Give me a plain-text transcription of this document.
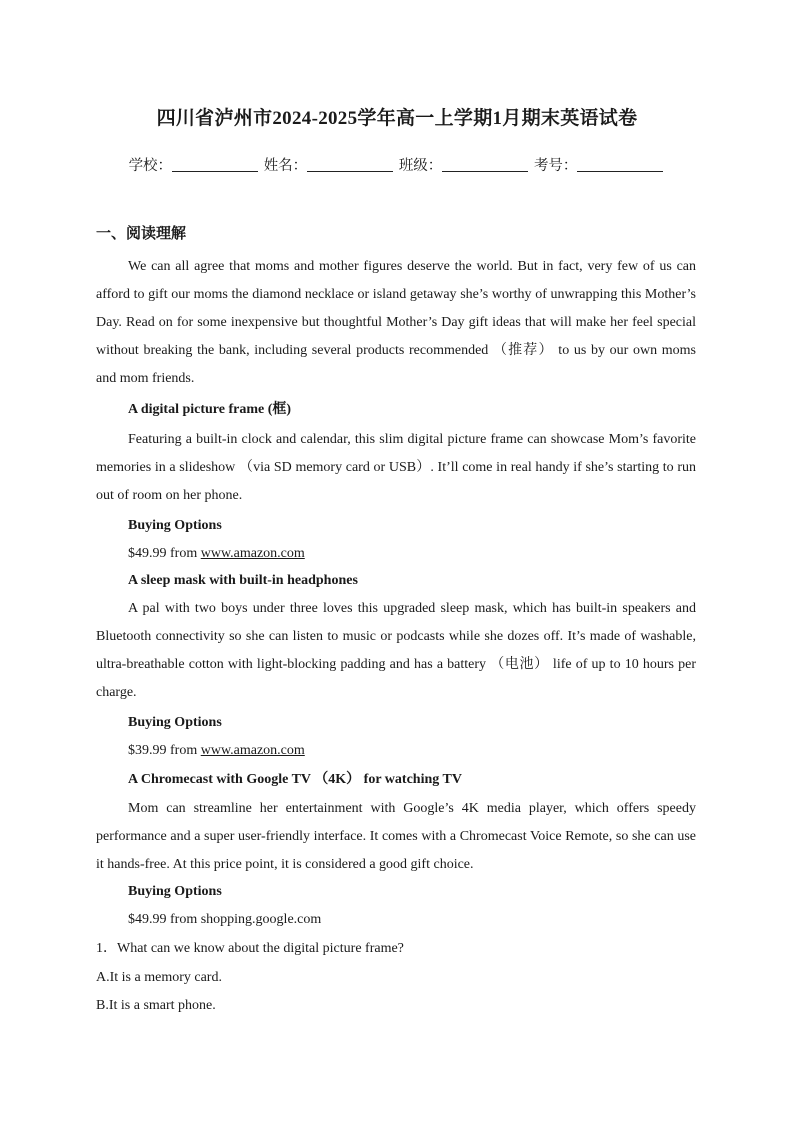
四川省泸州市2024-2025学年高一上学期1月期末英语试卷
学校：	姓名：	班级：	考号：
一、阅读理解

We can all agree that moms and mother figures deserve the world. But in fact, very few of us can afford to gift our moms the diamond necklace or island getaway she’s worthy of unwrapping this Mother’s Day. Read on for some inexpensive but thoughtful Mother’s Day gift ideas that will make her feel special without breaking the bank, including several products recommended （推荐） to us by our own moms and mom friends.

A digital picture frame (框)

Featuring a built-in clock and calendar, this slim digital picture frame can showcase Mom’s favorite memories in a slideshow （via SD memory card or USB）. It’ll come in real handy if she’s starting to run out of room on her phone.

Buying Options
$49.99 from www.amazon.com
A sleep mask with built-in headphones

A pal with two boys under three loves this upgraded sleep mask, which has built-in speakers and Bluetooth connectivity so she can listen to music or podcasts while she dozes off. It’s made of washable, ultra-breathable cotton with light-blocking padding and has a battery （电池） life of up to 10 hours per charge.

Buying Options
$39.99 from www.amazon.com
A Chromecast with Google TV （4K） for watching TV

Mom can streamline her entertainment with Google’s 4K media player, which offers speedy performance and a super user-friendly interface. It comes with a Chromecast Voice Remote, so she can use it hands-free. At this price point, it is considered a good gift choice.

Buying Options
$49.99 from shopping.google.com
1．What can we know about the digital picture frame?
A.It is a memory card.
B.It is a smart phone.
